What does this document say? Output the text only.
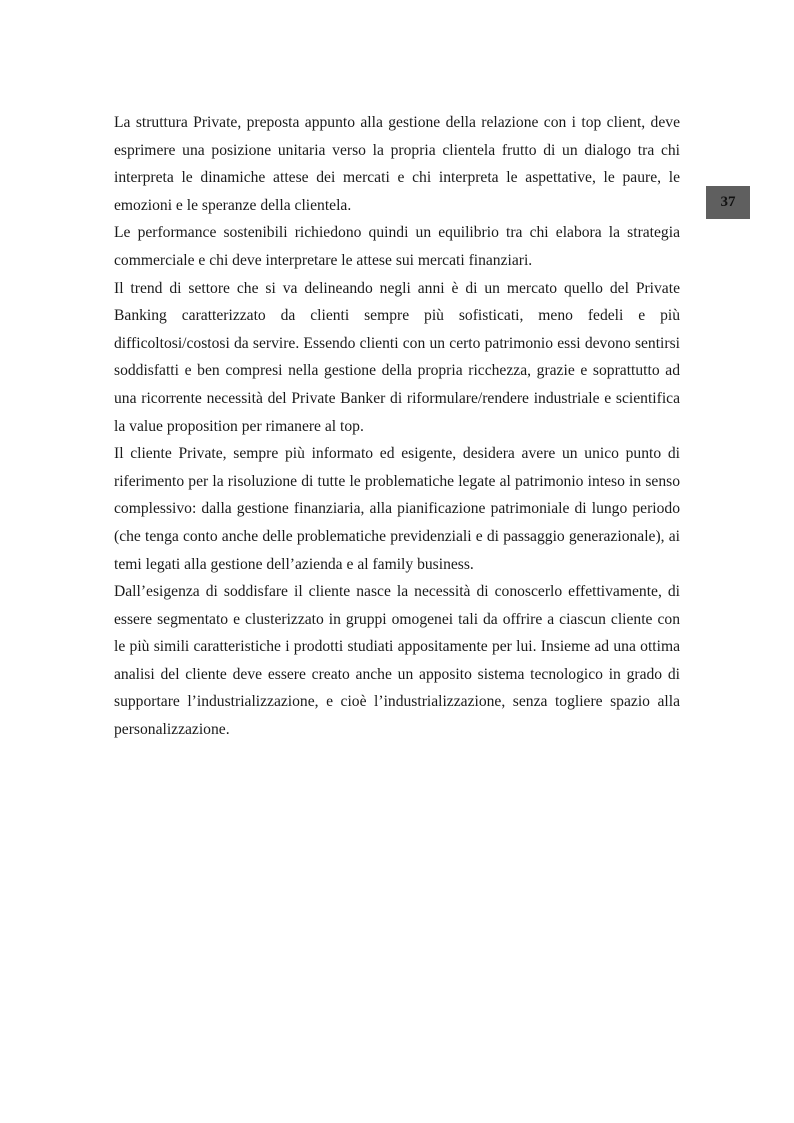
37

La struttura Private, preposta appunto alla gestione della relazione con i top client, deve esprimere una posizione unitaria verso la propria clientela frutto di un dialogo tra chi interpreta le dinamiche attese dei mercati e chi interpreta le aspettative, le paure, le emozioni e le speranze della clientela.

Le performance sostenibili richiedono quindi un equilibrio tra chi elabora la strategia commerciale e chi deve interpretare le attese sui mercati finanziari.

Il trend di settore che si va delineando negli anni è di un mercato quello del Private Banking caratterizzato da clienti sempre più sofisticati, meno fedeli e più difficoltosi/costosi da servire. Essendo clienti con un certo patrimonio essi devono sentirsi soddisfatti e ben compresi nella gestione della propria ricchezza, grazie e soprattutto ad una ricorrente necessità del Private Banker di riformulare/rendere industriale e scientifica la value proposition per rimanere al top.

Il cliente Private, sempre più informato ed esigente, desidera avere un unico punto di riferimento per la risoluzione di tutte le problematiche legate al patrimonio inteso in senso complessivo: dalla gestione finanziaria, alla pianificazione patrimoniale di lungo periodo (che tenga conto anche delle problematiche previdenziali e di passaggio generazionale), ai temi legati alla gestione dell’azienda e al family business.

Dall’esigenza di soddisfare il cliente nasce la necessità di conoscerlo effettivamente, di essere segmentato e clusterizzato in gruppi omogenei tali da offrire a ciascun cliente con le più simili caratteristiche i prodotti studiati appositamente per lui. Insieme ad una ottima analisi del cliente deve essere creato anche un apposito sistema tecnologico in grado di supportare l’industrializzazione, e cioè l’industrializzazione, senza togliere spazio alla personalizzazione.
